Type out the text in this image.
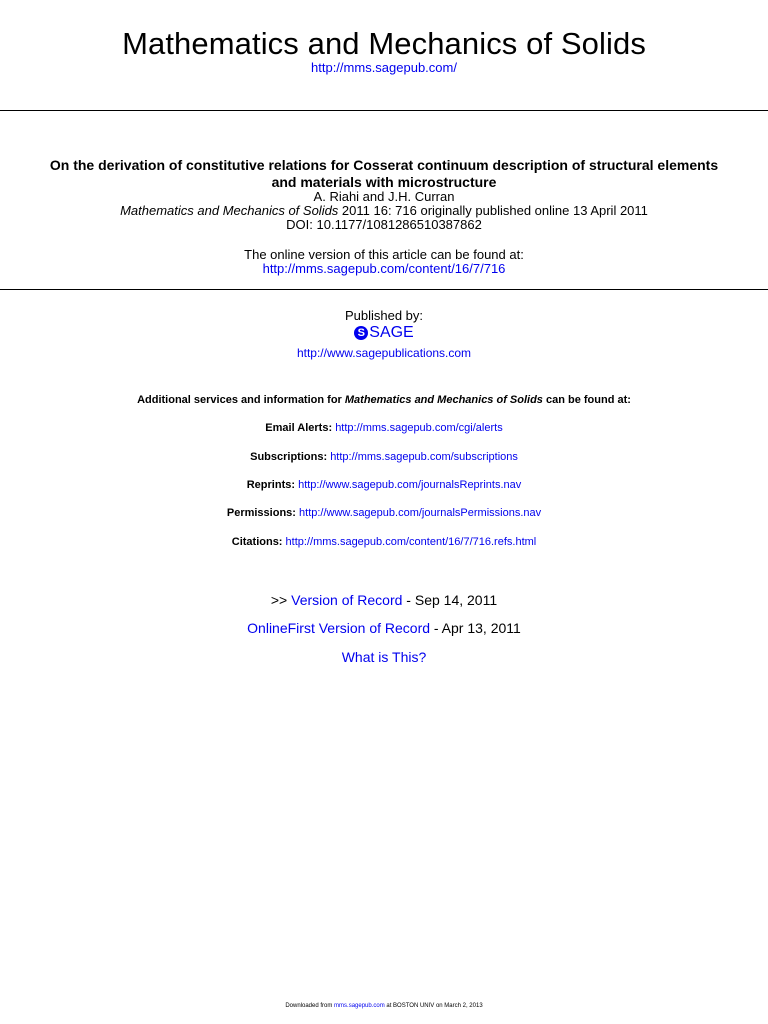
Mathematics and Mechanics of Solids
http://mms.sagepub.com/
On the derivation of constitutive relations for Cosserat continuum description of structural elements
and materials with microstructure
A. Riahi and J.H. Curran
Mathematics and Mechanics of Solids 2011 16: 716 originally published online 13 April 2011
DOI: 10.1177/1081286510387862
The online version of this article can be found at:
http://mms.sagepub.com/content/16/7/716
Published by:
S SAGE
http://www.sagepublications.com
Additional services and information for Mathematics and Mechanics of Solids can be found at:
Email Alerts: http://mms.sagepub.com/cgi/alerts
Subscriptions: http://mms.sagepub.com/subscriptions
Reprints: http://www.sagepub.com/journalsReprints.nav
Permissions: http://www.sagepub.com/journalsPermissions.nav
Citations: http://mms.sagepub.com/content/16/7/716.refs.html
>> Version of Record - Sep 14, 2011
OnlineFirst Version of Record - Apr 13, 2011
What is This?
Downloaded from mms.sagepub.com at BOSTON UNIV on March 2, 2013
